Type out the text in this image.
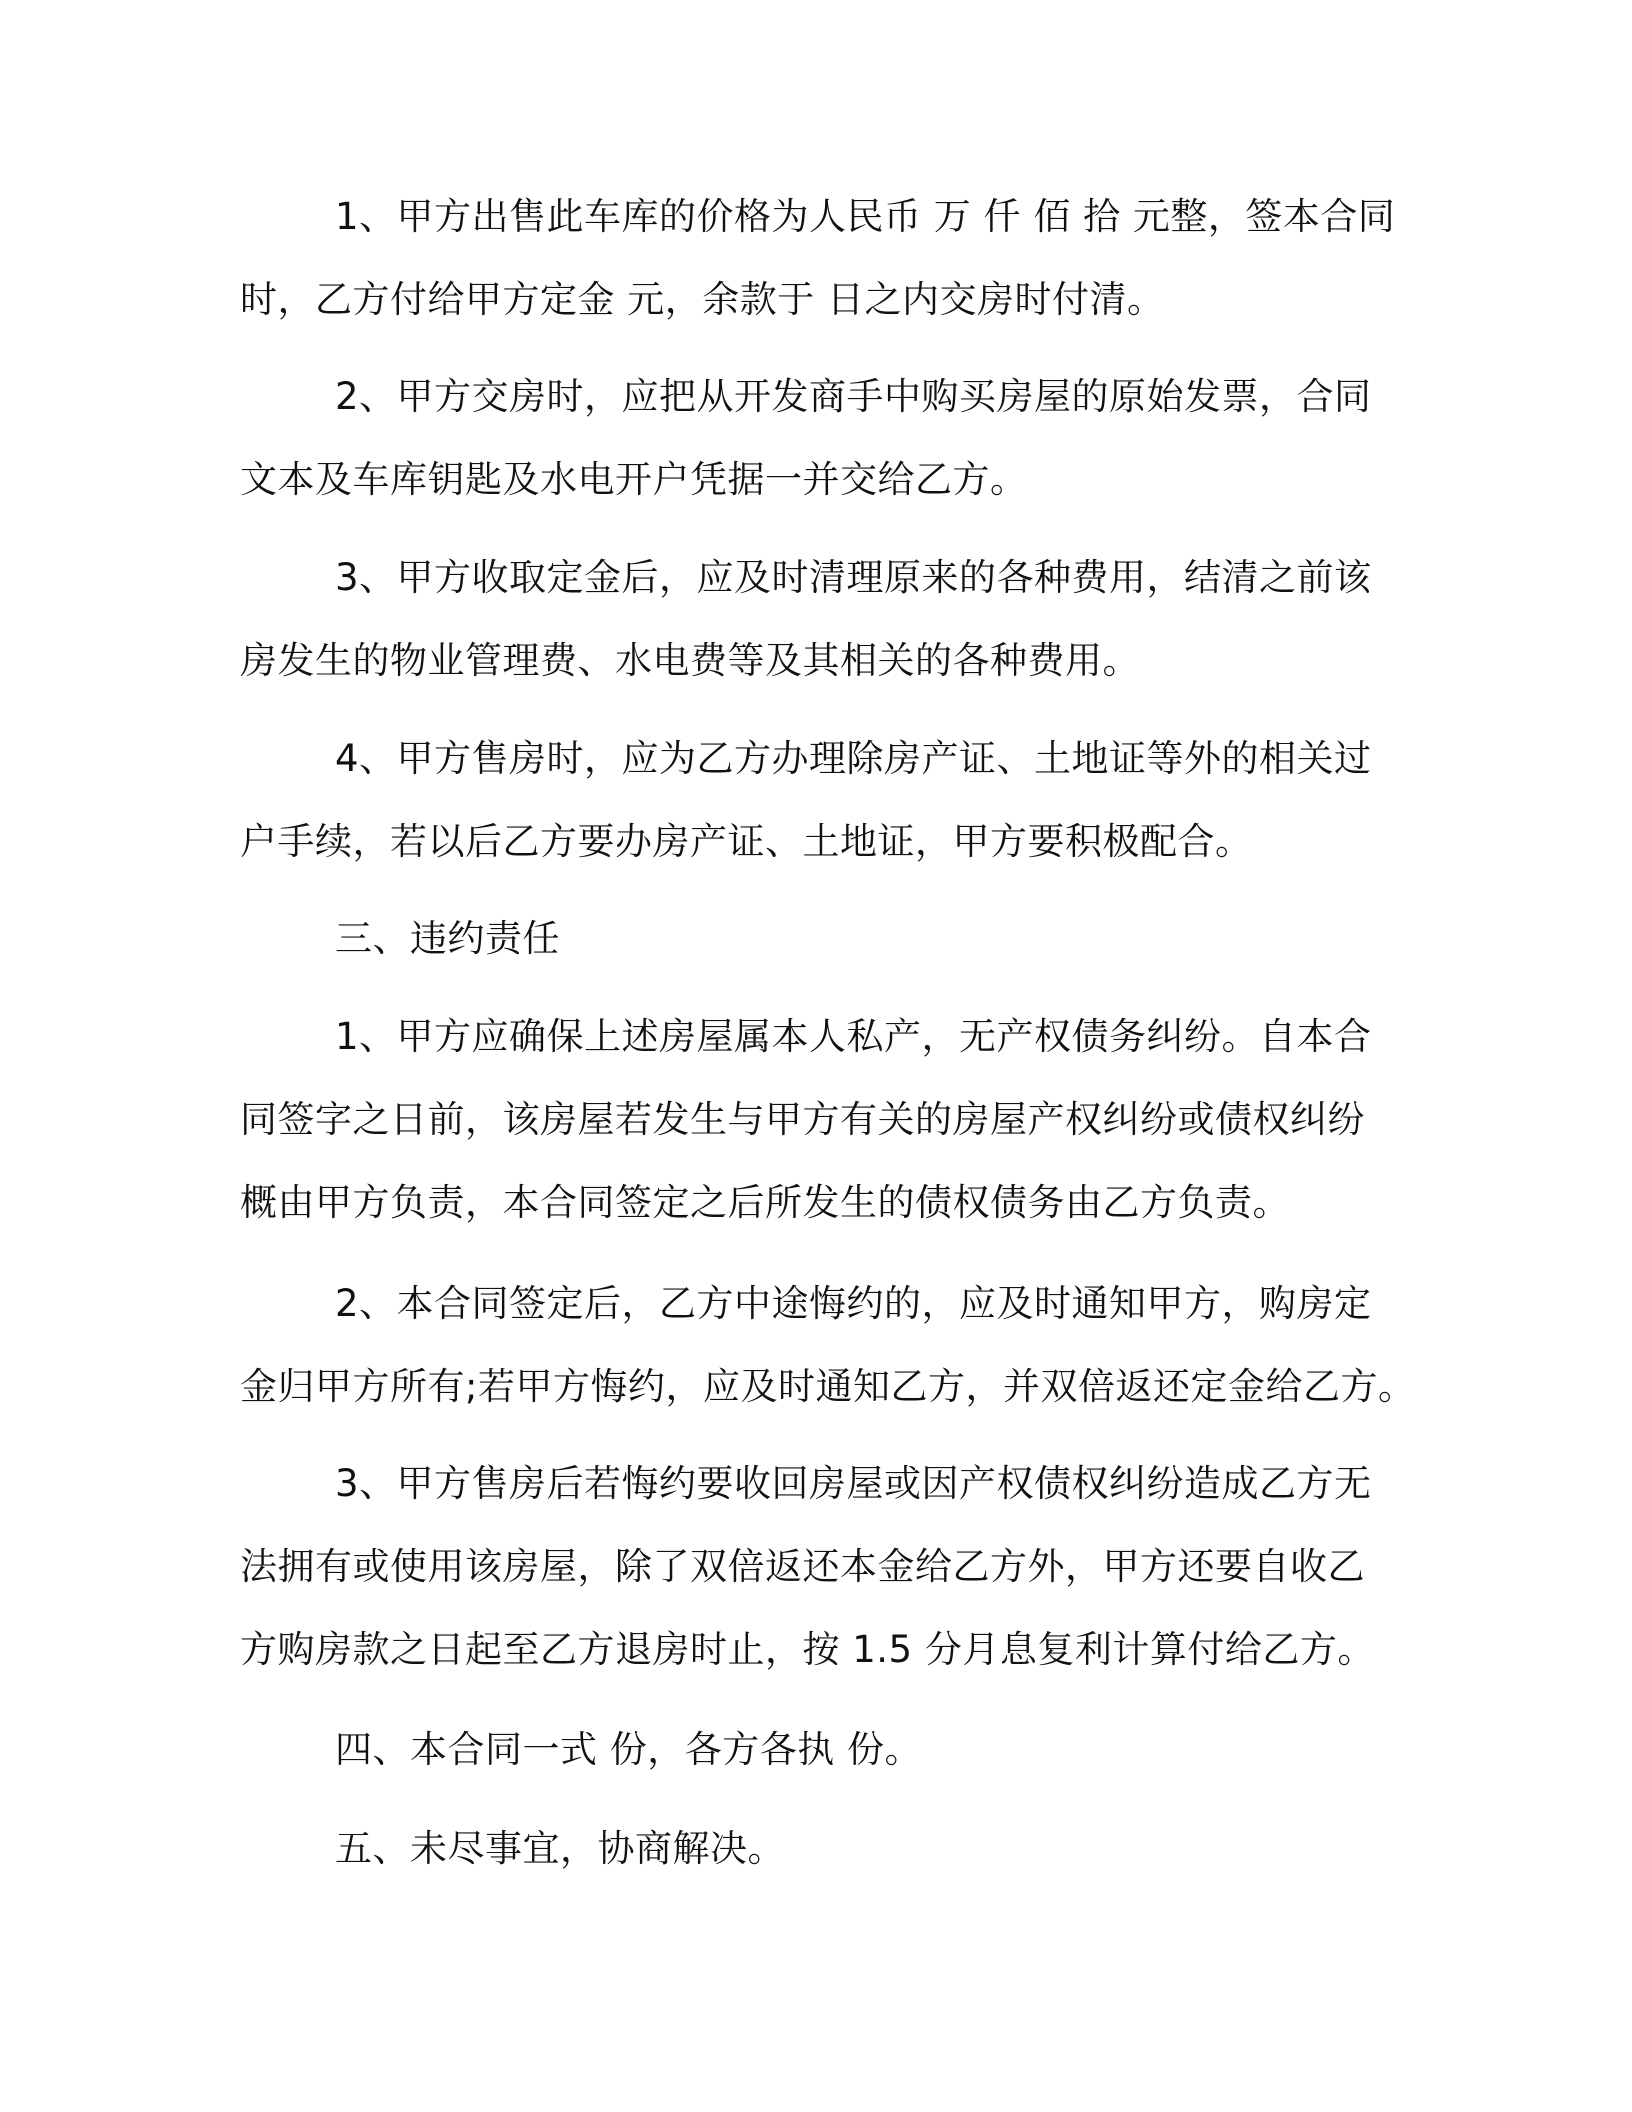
1、甲方出售此车库的价格为人民币 万 仟 佰 拾 元整，签本合同
时，乙方付给甲方定金 元，余款于 日之内交房时付清。
2、甲方交房时，应把从开发商手中购买房屋的原始发票，合同
文本及车库钥匙及水电开户凭据一并交给乙方。
3、甲方收取定金后，应及时清理原来的各种费用，结清之前该
房发生的物业管理费、水电费等及其相关的各种费用。
4、甲方售房时，应为乙方办理除房产证、土地证等外的相关过
户手续，若以后乙方要办房产证、土地证，甲方要积极配合。
三、违约责任
1、甲方应确保上述房屋属本人私产，无产权债务纠纷。自本合
同签字之日前，该房屋若发生与甲方有关的房屋产权纠纷或债权纠纷
概由甲方负责，本合同签定之后所发生的债权债务由乙方负责。
2、本合同签定后，乙方中途悔约的，应及时通知甲方，购房定
金归甲方所有;若甲方悔约，应及时通知乙方，并双倍返还定金给乙方。
3、甲方售房后若悔约要收回房屋或因产权债权纠纷造成乙方无
法拥有或使用该房屋，除了双倍返还本金给乙方外，甲方还要自收乙
方购房款之日起至乙方退房时止，按 1.5 分月息复利计算付给乙方。
四、本合同一式 份，各方各执 份。
五、未尽事宜，协商解决。
